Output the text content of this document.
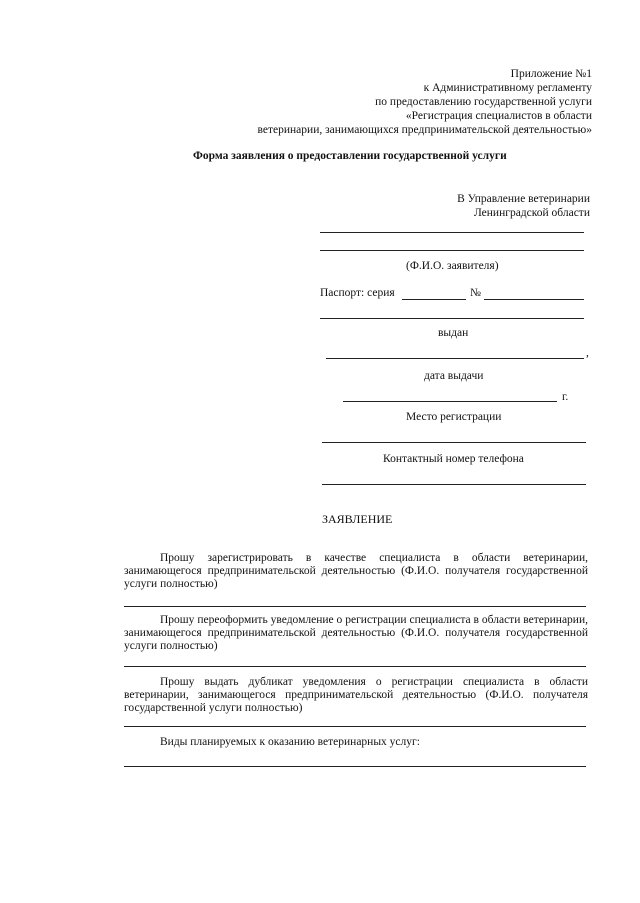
Приложение №1
к Административному регламенту
по предоставлению государственной услуги
«Регистрация специалистов в области
ветеринарии, занимающихся предпринимательской деятельностью»
Форма заявления о предоставлении государственной услуги
В Управление ветеринарии
Ленинградской области
(Ф.И.О. заявителя)
Паспорт: серия	№
выдан
,
дата выдачи
г.
Место регистрации
Контактный номер телефона
ЗАЯВЛЕНИЕ
Прошу зарегистрировать в качестве специалиста в области ветеринарии, занимающегося предпринимательской деятельностью (Ф.И.О. получателя государственной услуги полностью)
Прошу переоформить уведомление о регистрации специалиста в области ветеринарии, занимающегося предпринимательской деятельностью (Ф.И.О. получателя государственной услуги полностью)
Прошу выдать дубликат уведомления о регистрации специалиста в области ветеринарии, занимающегося предпринимательской деятельностью (Ф.И.О. получателя государственной услуги полностью)
Виды планируемых к оказанию ветеринарных услуг:
